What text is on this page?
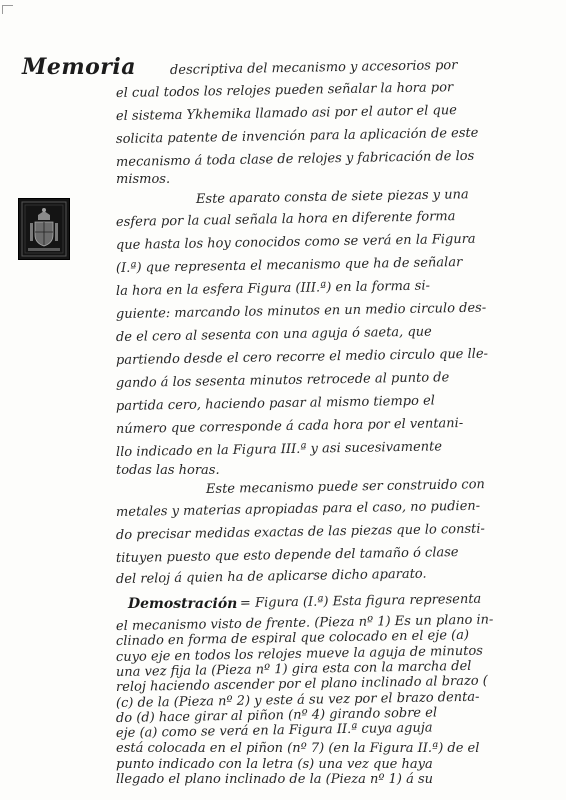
Memoria	descriptiva del mecanismo y accesorios por
el cual todos los relojes pueden señalar la hora por
el sistema Ykhemika llamado asi por el autor el que
solicita patente de invención para la aplicación de este
mecanismo á toda clase de relojes y fabricación de los
mismos.
Este aparato consta de siete piezas y una
esfera por la cual señala la hora en diferente forma
que hasta los hoy conocidos como se verá en la Figura
(I.ª) que representa el mecanismo que ha de señalar
la hora en la esfera Figura (III.ª) en la forma si-
guiente: marcando los minutos en un medio circulo des-
de el cero al sesenta con una aguja ó saeta, que
partiendo desde el cero recorre el medio circulo que lle-
gando á los sesenta minutos retrocede al punto de
partida cero, haciendo pasar al mismo tiempo el
número que corresponde á cada hora por el ventani-
llo indicado en la Figura III.ª y asi sucesivamente
todas las horas.
Este mecanismo puede ser construido con
metales y materias apropiadas para el caso, no pudien-
do precisar medidas exactas de las piezas que lo consti-
tituyen puesto que esto depende del tamaño ó clase
del reloj á quien ha de aplicarse dicho aparato.
Demostración = Figura (I.ª) Esta figura representa
el mecanismo visto de frente. (Pieza nº 1) Es un plano in-
clinado en forma de espiral que colocado en el eje (a)
cuyo eje en todos los relojes mueve la aguja de minutos
una vez fija la (Pieza nº 1) gira esta con la marcha del
reloj haciendo ascender por el plano inclinado al brazo (
(c) de la (Pieza nº 2) y este á su vez por el brazo denta-
do (d) hace girar al piñon (nº 4) girando sobre el
eje (a) como se verá en la Figura II.ª cuya aguja
está colocada en el piñon (nº 7) (en la Figura II.ª) de el
punto indicado con la letra (s) una vez que haya
llegado el plano inclinado de la (Pieza nº 1) á su
